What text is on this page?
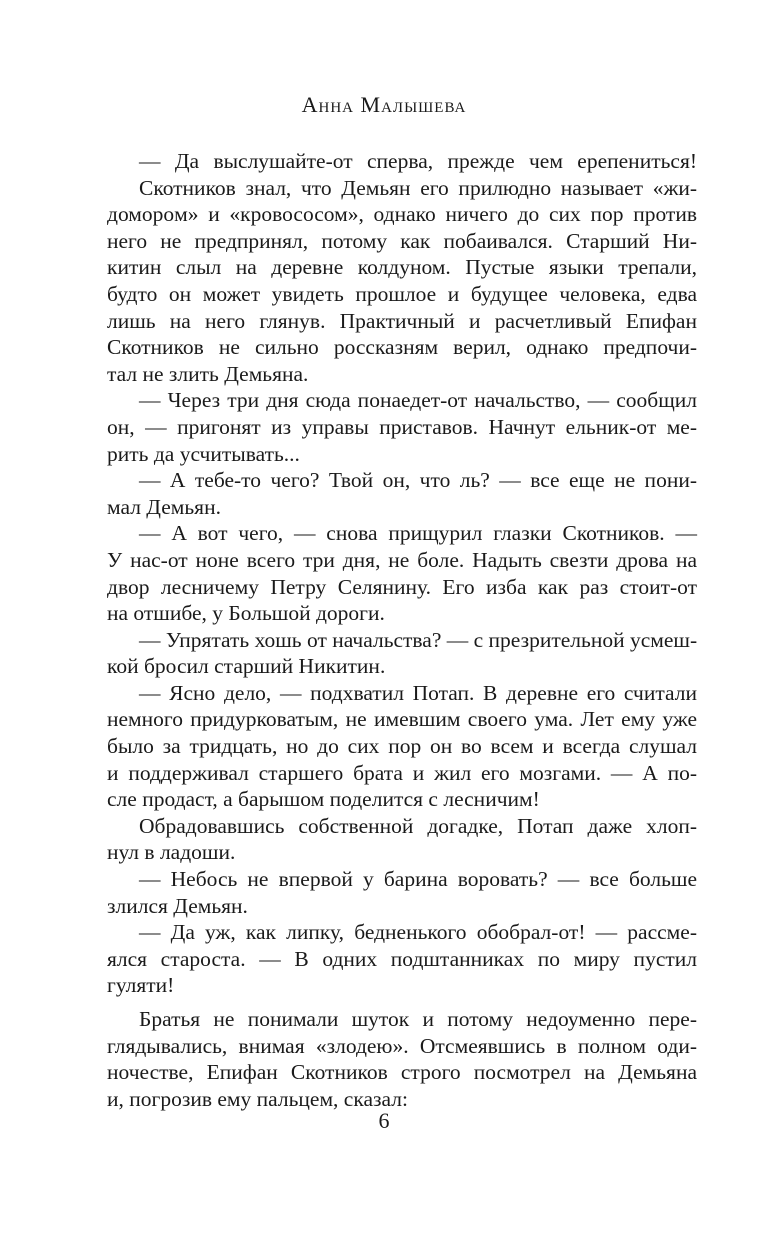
Анна Малышева
— Да выслушайте-от сперва, прежде чем ерепениться!
Скотников знал, что Демьян его прилюдно называет «жи-
доморoм» и «кровососом», однако ничего до сих пор против
него не предпринял, потому как побаивался. Старший Ни-
китин слыл на деревне колдуном. Пустые языки трепали,
будто он может увидеть прошлое и будущее человека, едва
лишь на него глянув. Практичный и расчетливый Епифан
Скотников не сильно россказням верил, однако предпочи-
тал не злить Демьяна.
— Через три дня сюда понаедет-от начальство, — сообщил
он, — пригонят из управы приставов. Начнут ельник-от ме-
рить да усчитывать...
— А тебе-то чего? Твой он, что ль? — все еще не пони-
мал Демьян.
— А вот чего, — снова прищурил глазки Скотников. —
У нас-от ноне всего три дня, не боле. Надыть свезти дрова на
двор лесничему Петру Селянину. Его изба как раз стоит-от
на отшибе, у Большой дороги.
— Упрятать хошь от начальства? — с презрительной усмеш-
кой бросил старший Никитин.
— Ясно дело, — подхватил Потап. В деревне его считали
немного придурковатым, не имевшим своего ума. Лет ему уже
было за тридцать, но до сих пор он во всем и всегда слушал
и поддерживал старшего брата и жил его мозгами. — А по-
сле продаст, а барышом поделится с лесничим!
Обрадовавшись собственной догадке, Потап даже хлоп-
нул в ладоши.
— Небось не впервой у барина воровать? — все больше
злился Демьян.
— Да уж, как липку, бедненького обобрал-от! — рассме-
ялся староста. — В одних подштанниках по миру пустил
гуляти!
Братья не понимали шуток и потому недоуменно пере-
глядывались, внимая «злодею». Отсмеявшись в полном оди-
ночестве, Епифан Скотников строго посмотрел на Демьяна
и, погрозив ему пальцем, сказал:
6
